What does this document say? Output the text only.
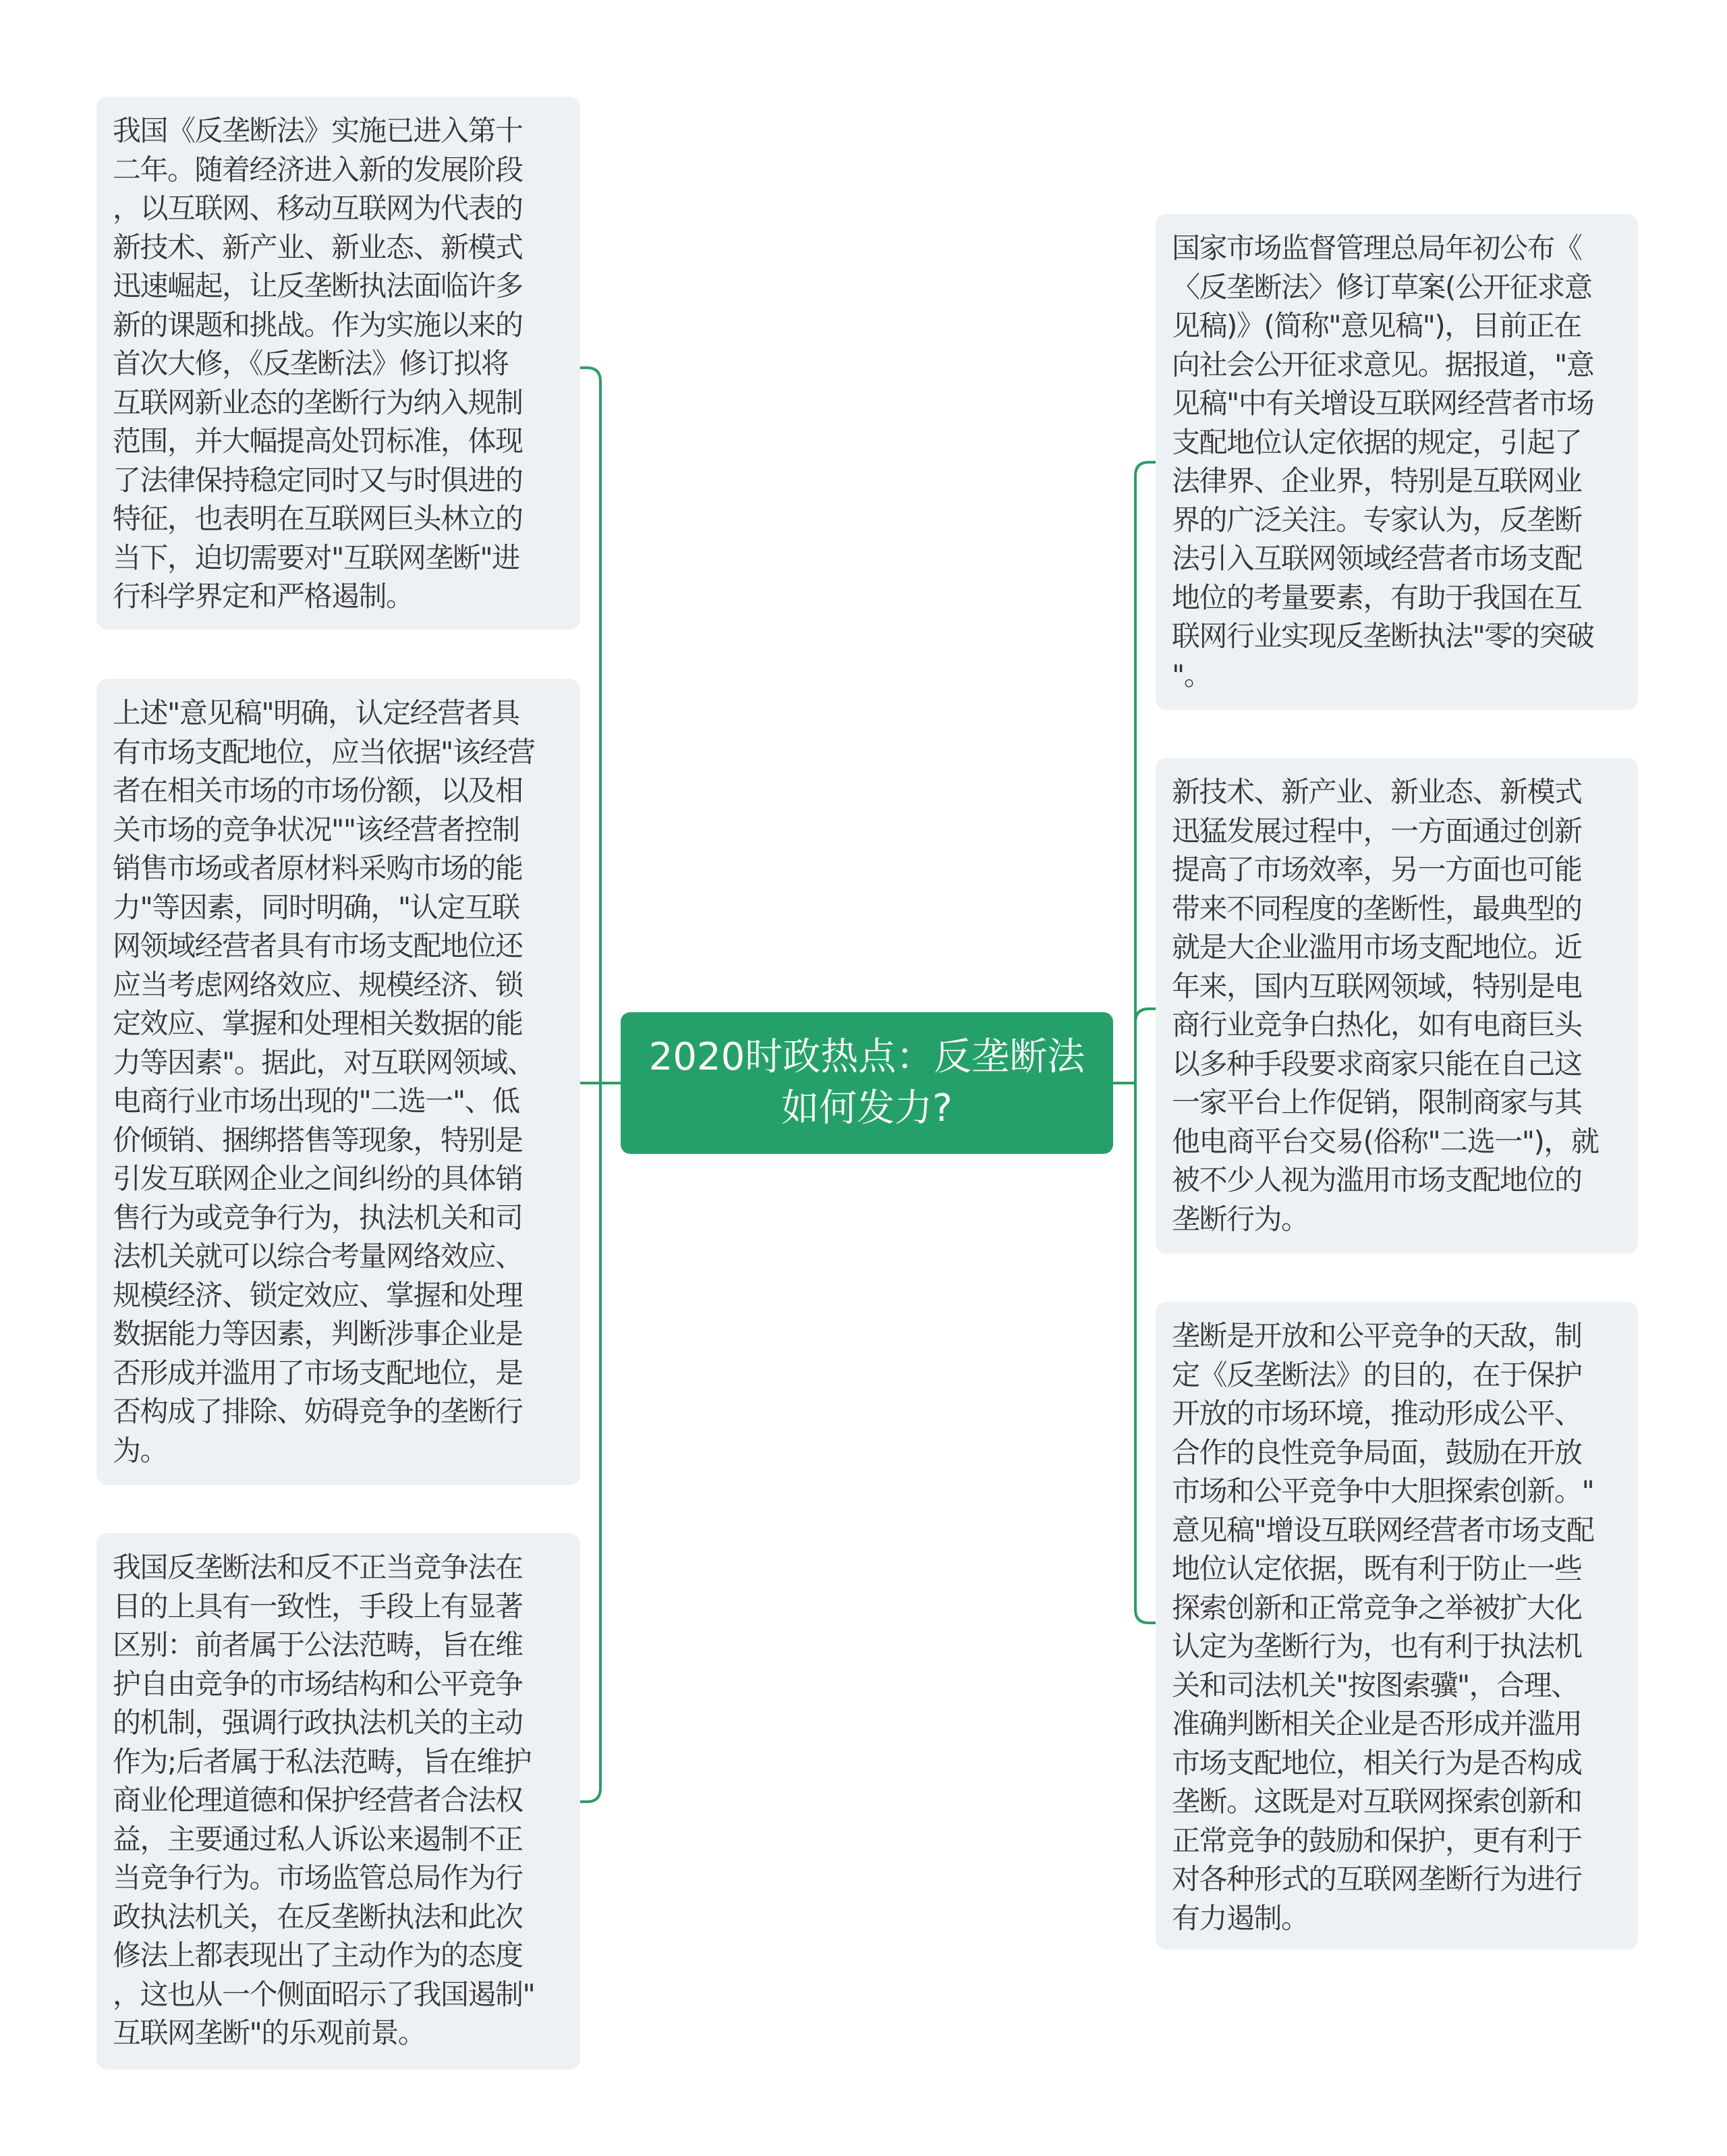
2020时政热点：反垄断法
如何发力?
我国《反垄断法》实施已进入第十
二年。随着经济进入新的发展阶段
，以互联网、移动互联网为代表的
新技术、新产业、新业态、新模式
迅速崛起，让反垄断执法面临许多
新的课题和挑战。作为实施以来的
首次大修，《反垄断法》修订拟将
互联网新业态的垄断行为纳入规制
范围，并大幅提高处罚标准，体现
了法律保持稳定同时又与时俱进的
特征，也表明在互联网巨头林立的
当下，迫切需要对"互联网垄断"进
行科学界定和严格遏制。
上述"意见稿"明确，认定经营者具
有市场支配地位，应当依据"该经营
者在相关市场的市场份额，以及相
关市场的竞争状况""该经营者控制
销售市场或者原材料采购市场的能
力"等因素，同时明确，"认定互联
网领域经营者具有市场支配地位还
应当考虑网络效应、规模经济、锁
定效应、掌握和处理相关数据的能
力等因素"。据此，对互联网领域、
电商行业市场出现的"二选一"、低
价倾销、捆绑搭售等现象，特别是
引发互联网企业之间纠纷的具体销
售行为或竞争行为，执法机关和司
法机关就可以综合考量网络效应、
规模经济、锁定效应、掌握和处理
数据能力等因素，判断涉事企业是
否形成并滥用了市场支配地位，是
否构成了排除、妨碍竞争的垄断行
为。
我国反垄断法和反不正当竞争法在
目的上具有一致性，手段上有显著
区别：前者属于公法范畴，旨在维
护自由竞争的市场结构和公平竞争
的机制，强调行政执法机关的主动
作为;后者属于私法范畴，旨在维护
商业伦理道德和保护经营者合法权
益，主要通过私人诉讼来遏制不正
当竞争行为。市场监管总局作为行
政执法机关，在反垄断执法和此次
修法上都表现出了主动作为的态度
，这也从一个侧面昭示了我国遏制"
互联网垄断"的乐观前景。
国家市场监督管理总局年初公布《
〈反垄断法〉修订草案(公开征求意
见稿)》(简称"意见稿")，目前正在
向社会公开征求意见。据报道，"意
见稿"中有关增设互联网经营者市场
支配地位认定依据的规定，引起了
法律界、企业界，特别是互联网业
界的广泛关注。专家认为，反垄断
法引入互联网领域经营者市场支配
地位的考量要素，有助于我国在互
联网行业实现反垄断执法"零的突破
"。
新技术、新产业、新业态、新模式
迅猛发展过程中，一方面通过创新
提高了市场效率，另一方面也可能
带来不同程度的垄断性，最典型的
就是大企业滥用市场支配地位。近
年来，国内互联网领域，特别是电
商行业竞争白热化，如有电商巨头
以多种手段要求商家只能在自己这
一家平台上作促销，限制商家与其
他电商平台交易(俗称"二选一")，就
被不少人视为滥用市场支配地位的
垄断行为。
垄断是开放和公平竞争的天敌，制
定《反垄断法》的目的，在于保护
开放的市场环境，推动形成公平、
合作的良性竞争局面，鼓励在开放
市场和公平竞争中大胆探索创新。"
意见稿"增设互联网经营者市场支配
地位认定依据，既有利于防止一些
探索创新和正常竞争之举被扩大化
认定为垄断行为，也有利于执法机
关和司法机关"按图索骥"，合理、
准确判断相关企业是否形成并滥用
市场支配地位，相关行为是否构成
垄断。这既是对互联网探索创新和
正常竞争的鼓励和保护，更有利于
对各种形式的互联网垄断行为进行
有力遏制。
